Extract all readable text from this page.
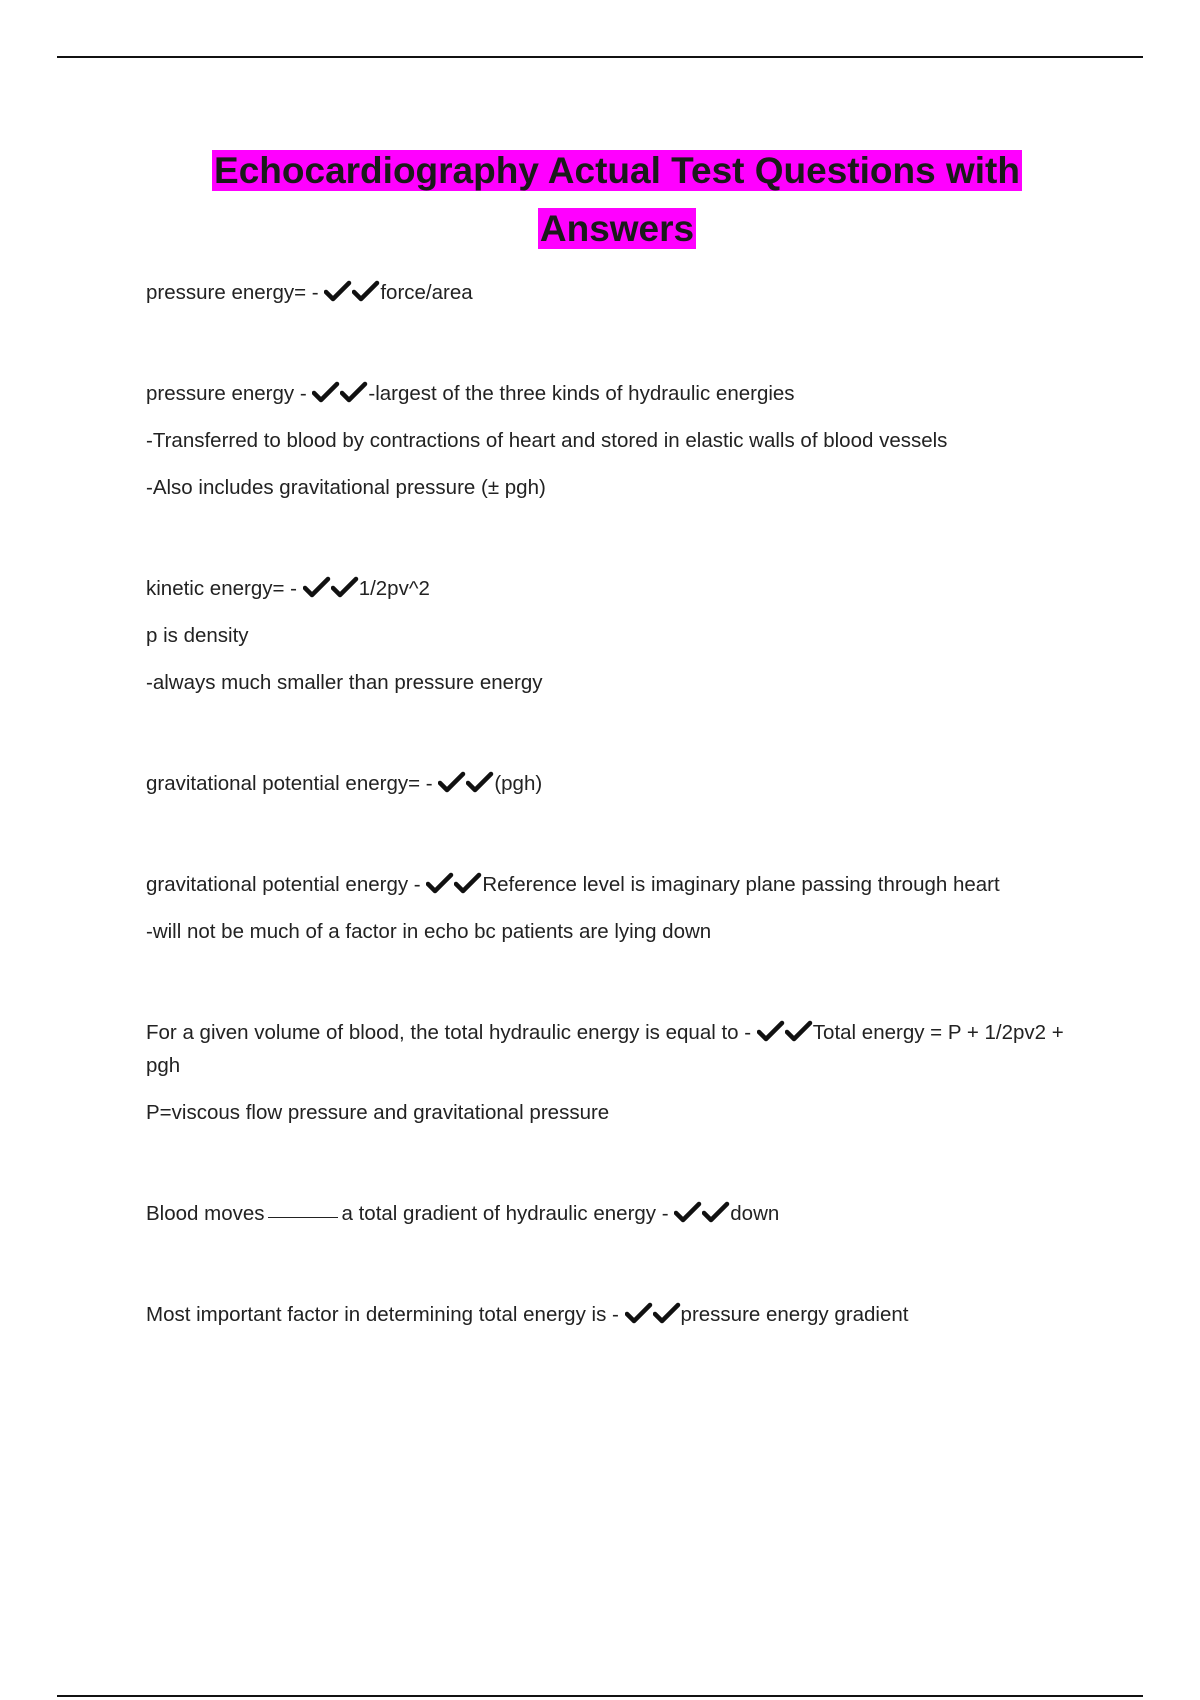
Echocardiography Actual Test Questions with
Answers
pressure energy= -	force/area
pressure energy -	-largest of the three kinds of hydraulic energies
-Transferred to blood by contractions of heart and stored in elastic walls of blood vessels
-Also includes gravitational pressure (± pgh)
kinetic energy= -	1/2pv^2
p is density
-always much smaller than pressure energy
gravitational potential energy= -	(pgh)
gravitational potential energy -	Reference level is imaginary plane passing through heart
-will not be much of a factor in echo bc patients are lying down
For a given volume of blood, the total hydraulic energy is equal to -	Total energy = P + 1/2pv2 + pgh
P=viscous flow pressure and gravitational pressure
Blood moves	a total gradient of hydraulic energy -	down
Most important factor in determining total energy is -	pressure energy gradient
